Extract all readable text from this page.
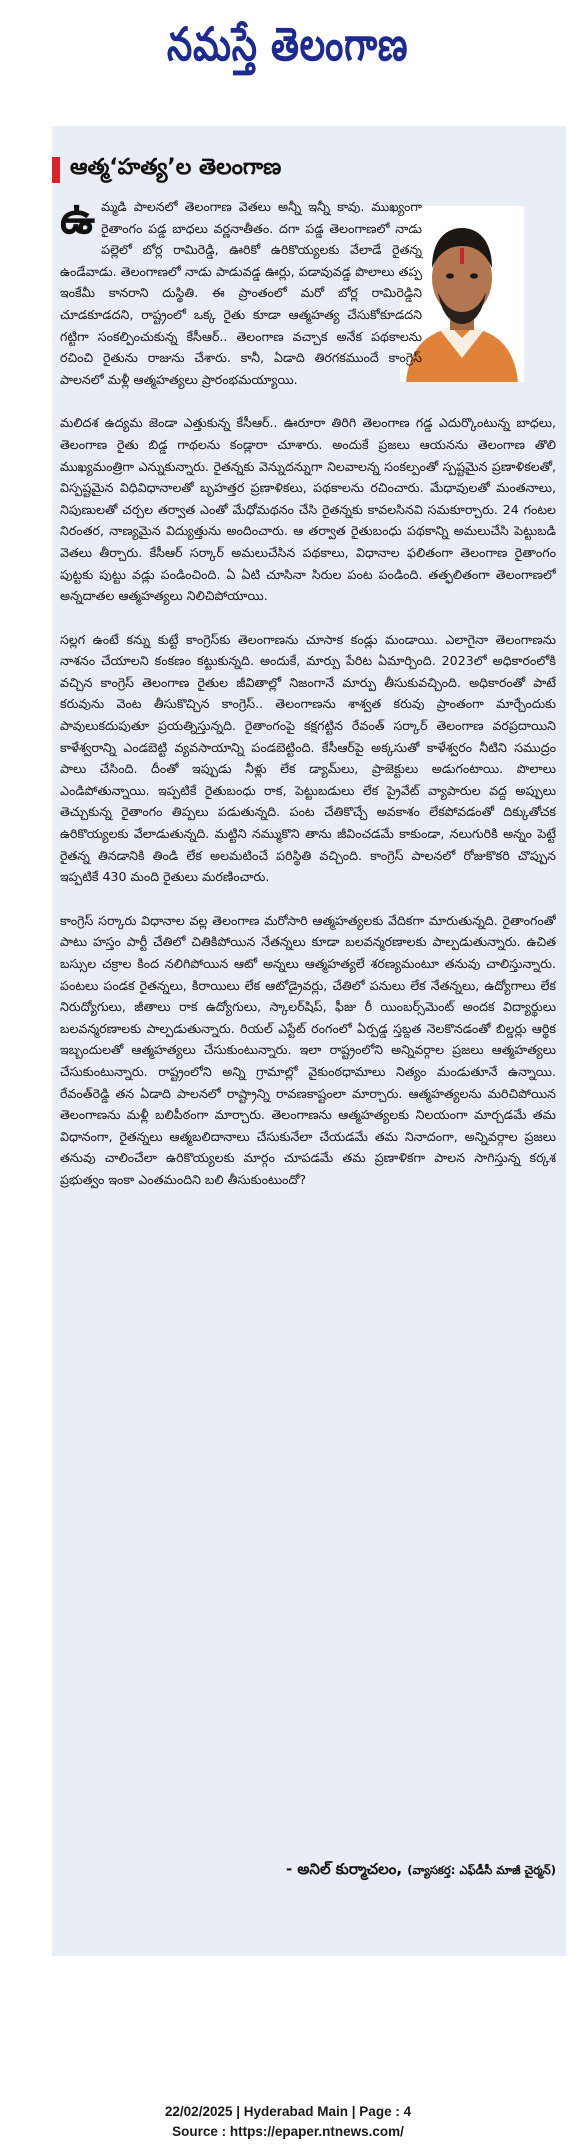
నమస్తే తెలంగాణ
ఆత్మ‘హత్య’ల తెలంగాణ

ఉమ్మడి పాలనలో తెలంగాణ వెతలు అన్నీ ఇన్నీ కావు. ముఖ్యంగా రైతాంగం పడ్డ బాధలు వర్ణనాతీతం. దగా పడ్డ తెలంగాణలో నాడు పల్లెలో బోర్ల రామిరెడ్డి, ఊరికో ఉరికొయ్యలకు వేలాడే రైతన్న ఉండేవాడు. తెలంగాణలో నాడు పాడువడ్డ ఊర్లు, పడావువడ్డ పొలాలు తప్ప ఇంకేమీ కానరాని దుస్థితి. ఈ ప్రాంతంలో మరో బోర్ల రామిరెడ్డిని చూడకూడదని, రాష్ట్రంలో ఒక్క రైతు కూడా ఆత్మహత్య చేసుకోకూడదని గట్టిగా సంకల్పించుకున్న కేసీఆర్.. తెలంగాణ వచ్చాక అనేక పథకాలను రచించి రైతును రాజును చేశారు. కానీ, ఏడాది తిరగకముందే కాంగ్రెస్ పాలనలో మళ్లీ ఆత్మహత్యలు ప్రారంభమయ్యాయి.

మలిదశ ఉద్యమ జెండా ఎత్తుకున్న కేసీఆర్.. ఊరూరా తిరిగి తెలంగాణ గడ్డ ఎదుర్కొంటున్న బాధలు, తెలంగాణ రైతు బిడ్డ గాథలను కండ్లారా చూశారు. అందుకే ప్రజలు ఆయనను తెలంగాణ తొలి ముఖ్యమంత్రిగా ఎన్నుకున్నారు. రైతన్నకు వెన్నుదన్నుగా నిలవాలన్న సంకల్పంతో స్పష్టమైన ప్రణాళికలతో, విస్పష్టమైన విధివిధానాలతో బృహత్తర ప్రణాళికలు, పథకాలను రచించారు. మేధావులతో మంతనాలు, నిపుణులతో చర్చల తర్వాత ఎంతో మేధోమథనం చేసి రైతన్నకు కావలసినవి సమకూర్చారు. 24 గంటల నిరంతర, నాణ్యమైన విద్యుత్తును అందించారు. ఆ తర్వాత రైతుబంధు పథకాన్ని అమలుచేసి పెట్టుబడి వెతలు తీర్చారు. కేసీఆర్ సర్కార్ అమలుచేసిన పథకాలు, విధానాల ఫలితంగా తెలంగాణ రైతాంగం పుట్టకు పుట్టు వడ్లు పండించింది. ఏ ఏటి చూసినా సిరుల పంట పండింది. తత్ఫలితంగా తెలంగాణలో అన్నదాతల ఆత్మహత్యలు నిలిచిపోయాయి.

సల్లగ ఉంటే కన్ను కుట్టే కాంగ్రెస్‌కు తెలంగాణను చూసాక కండ్లు మండాయి. ఎలాగైనా తెలంగాణను నాశనం చేయాలని కంకణం కట్టుకున్నది. అందుకే, మార్పు పేరిట ఏమార్చింది. 2023లో అధికారంలోకి వచ్చిన కాంగ్రెస్ తెలంగాణ రైతుల జీవితాల్లో నిజంగానే మార్పు తీసుకువచ్చింది. అధికారంతో పాటే కరువును వెంట తీసుకొచ్చిన కాంగ్రెస్.. తెలంగాణను శాశ్వత కరువు ప్రాంతంగా మార్చేందుకు పావులుకదుపుతూ ప్రయత్నిస్తున్నది. రైతాంగంపై కక్షగట్టిన రేవంత్ సర్కార్ తెలంగాణ వరప్రదాయిని కాళేశ్వరాన్ని ఎండబెట్టి వ్యవసాయాన్ని పండబెట్టింది. కేసీఆర్‌పై అక్కసుతో కాళేశ్వరం నీటిని సముద్రం పాలు చేసింది. దీంతో ఇప్పుడు నీళ్లు లేక డ్యామ్‌లు, ప్రాజెక్టులు అడుగంటాయి. పొలాలు ఎండిపోతున్నాయి. ఇప్పటికే రైతుబంధు రాక, పెట్టుబడులు లేక ప్రైవేట్ వ్యాపారుల వద్ద అప్పులు తెచ్చుకున్న రైతాంగం తిప్పలు పడుతున్నది. పంట చేతికొచ్చే అవకాశం లేకపోవడంతో దిక్కుతోచక ఉరికొయ్యలకు వేలాడుతున్నది. మట్టిని నమ్ముకొని తాను జీవించడమే కాకుండా, నలుగురికి అన్నం పెట్టే రైతన్న తినడానికి తిండి లేక అలమటించే పరిస్థితి వచ్చింది. కాంగ్రెస్ పాలనలో రోజుకొకరి చొప్పున ఇప్పటికే 430 మంది రైతులు మరణించారు.

కాంగ్రెస్ సర్కారు విధానాల వల్ల తెలంగాణ మరోసారి ఆత్మహత్యలకు వేదికగా మారుతున్నది. రైతాంగంతో పాటు హస్తం పార్టీ చేతిలో చితికిపోయిన నేతన్నలు కూడా బలవన్మరణాలకు పాల్పడుతున్నారు. ఉచిత బస్సుల చక్రాల కింద నలిగిపోయిన ఆటో అన్నలు ఆత్మహత్యలే శరణ్యమంటూ తనువు చాలిస్తున్నారు. పంటలు పండక రైతన్నలు, కిరాయిలు లేక ఆటోడ్రైవర్లు, చేతిలో పనులు లేక నేతన్నలు, ఉద్యోగాలు లేక నిరుద్యోగులు, జీతాలు రాక ఉద్యోగులు, స్కాలర్‌షిప్, ఫీజు రీ యింబర్స్‌మెంట్ అందక విద్యార్థులు బలవన్మరణాలకు పాల్పడుతున్నారు. రియల్ ఎస్టేట్ రంగంలో ఏర్పడ్డ స్తబ్దత నెలకొనడంతో బిల్డర్లు ఆర్థిక ఇబ్బందులతో ఆత్మహత్యలు చేసుకుంటున్నారు. ఇలా రాష్ట్రంలోని అన్నివర్గాల ప్రజలు ఆత్మహత్యలు చేసుకుంటున్నారు. రాష్ట్రంలోని అన్ని గ్రామాల్లో వైకుంఠధామాలు నిత్యం మండుతూనే ఉన్నాయి. రేవంత్‌రెడ్డి తన ఏడాది పాలనలో రాష్ట్రాన్ని రావణకాష్టంలా మార్చారు. ఆత్మహత్యలను మరిచిపోయిన తెలంగాణను మళ్లీ బలిపీఠంగా మార్చారు. తెలంగాణను ఆత్మహత్యలకు నిలయంగా మార్చడమే తమ విధానంగా, రైతన్నలు ఆత్మబలిదానాలు చేసుకునేలా చేయడమే తమ నినాదంగా, అన్నివర్గాల ప్రజలు తనువు చాలించేలా ఉరికొయ్యలకు మార్గం చూపడమే తమ ప్రణాళికగా పాలన సాగిస్తున్న కర్కశ ప్రభుత్వం ఇంకా ఎంతమందిని బలి తీసుకుంటుందో?

- అనిల్ కుర్మాచలం, (వ్యాసకర్త: ఎఫ్‌డీసీ మాజీ చైర్మన్)
22/02/2025 | Hyderabad Main | Page : 4
Source : https://epaper.ntnews.com/
